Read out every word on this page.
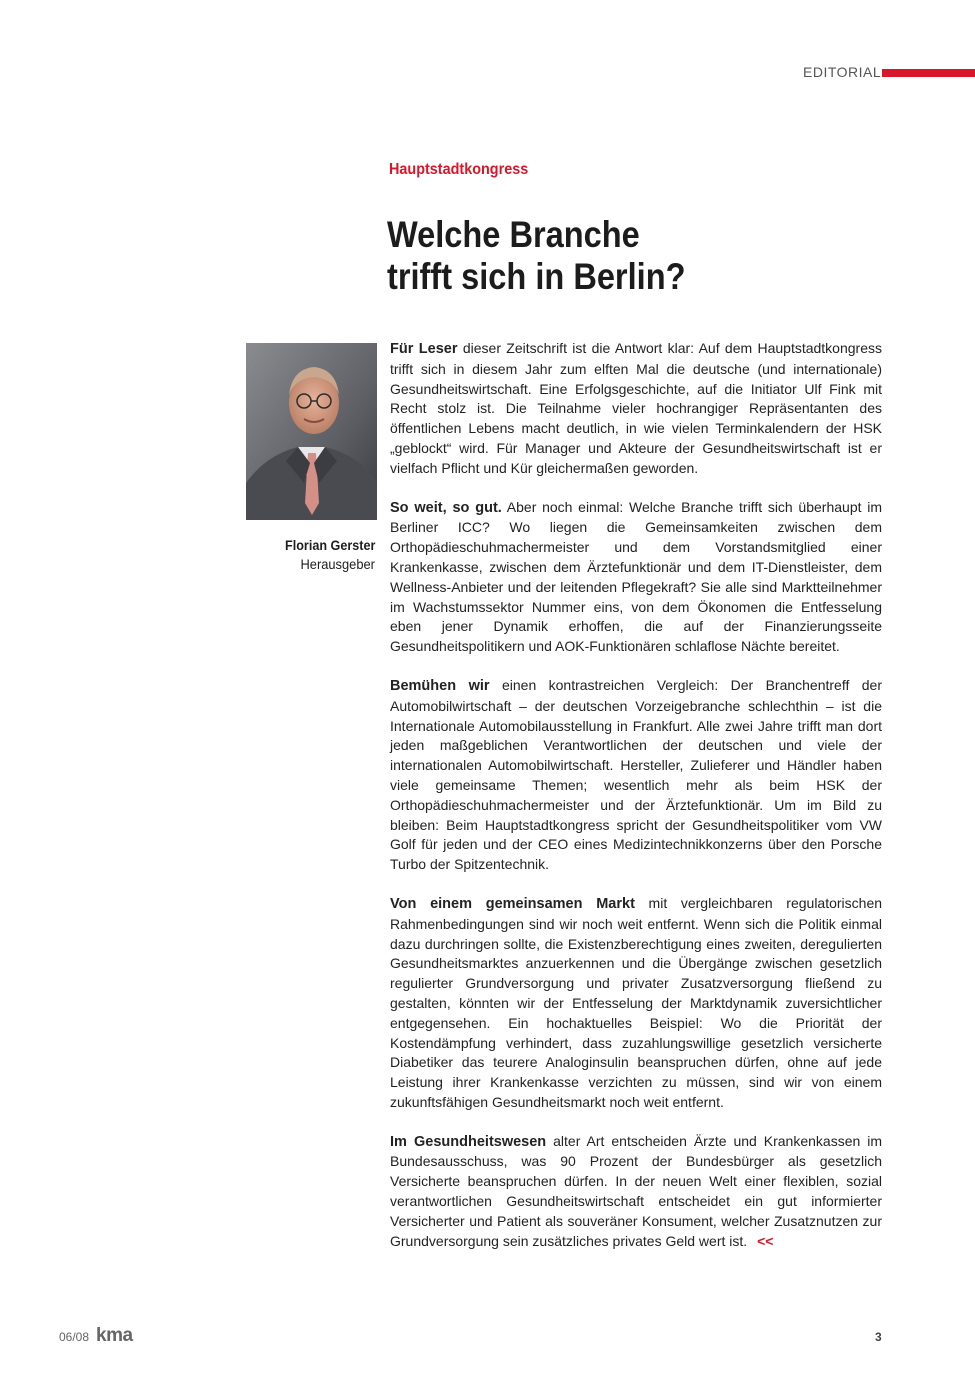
EDITORIAL
Hauptstadtkongress
Welche Branche
trifft sich in Berlin?
Florian Gerster
Herausgeber

Für Leser dieser Zeitschrift ist die Antwort klar: Auf dem Hauptstadtkongress trifft sich in diesem Jahr zum elften Mal die deutsche (und internationale) Gesundheitswirtschaft. Eine Erfolgsgeschichte, auf die Initiator Ulf Fink mit Recht stolz ist. Die Teilnahme vieler hochrangiger Repräsentanten des öffentlichen Lebens macht deutlich, in wie vielen Terminkalendern der HSK „geblockt“ wird. Für Manager und Akteure der Gesundheitswirtschaft ist er vielfach Pflicht und Kür gleichermaßen geworden.

So weit, so gut. Aber noch einmal: Welche Branche trifft sich überhaupt im Berliner ICC? Wo liegen die Gemeinsamkeiten zwischen dem Orthopädieschuhmachermeister und dem Vorstandsmitglied einer Krankenkasse, zwischen dem Ärztefunktionär und dem IT-Dienstleister, dem Wellness-Anbieter und der leitenden Pflegekraft? Sie alle sind Marktteilnehmer im Wachstumssektor Nummer eins, von dem Ökonomen die Entfesselung eben jener Dynamik erhoffen, die auf der Finanzierungsseite Gesundheitspolitikern und AOK-Funktionären schlaflose Nächte bereitet.

Bemühen wir einen kontrastreichen Vergleich: Der Branchentreff der Automobilwirtschaft – der deutschen Vorzeigebranche schlechthin – ist die Internationale Automobilausstellung in Frankfurt. Alle zwei Jahre trifft man dort jeden maßgeblichen Verantwortlichen der deutschen und viele der internationalen Automobilwirtschaft. Hersteller, Zulieferer und Händler haben viele gemeinsame Themen; wesentlich mehr als beim HSK der Orthopädieschuhmachermeister und der Ärztefunktionär. Um im Bild zu bleiben: Beim Hauptstadtkongress spricht der Gesundheitspolitiker vom VW Golf für jeden und der CEO eines Medizintechnikkonzerns über den Porsche Turbo der Spitzentechnik.

Von einem gemeinsamen Markt mit vergleichbaren regulatorischen Rahmenbedingungen sind wir noch weit entfernt. Wenn sich die Politik einmal dazu durchringen sollte, die Existenzberechtigung eines zweiten, deregulierten Gesundheitsmarktes anzuerkennen und die Übergänge zwischen gesetzlich regulierter Grundversorgung und privater Zusatzversorgung fließend zu gestalten, könnten wir der Entfesselung der Marktdynamik zuversichtlicher entgegensehen. Ein hochaktuelles Beispiel: Wo die Priorität der Kostendämpfung verhindert, dass zuzahlungswillige gesetzlich versicherte Diabetiker das teurere Analoginsulin beanspruchen dürfen, ohne auf jede Leistung ihrer Krankenkasse verzichten zu müssen, sind wir von einem zukunftsfähigen Gesundheitsmarkt noch weit entfernt.

Im Gesundheitswesen alter Art entscheiden Ärzte und Krankenkassen im Bundesausschuss, was 90 Prozent der Bundesbürger als gesetzlich Versicherte beanspruchen dürfen. In der neuen Welt einer flexiblen, sozial verantwortlichen Gesundheitswirtschaft entscheidet ein gut informierter Versicherter und Patient als souveräner Konsument, welcher Zusatznutzen zur Grundversorgung sein zusätzliches privates Geld wert ist. <<

06/08 kma	3
